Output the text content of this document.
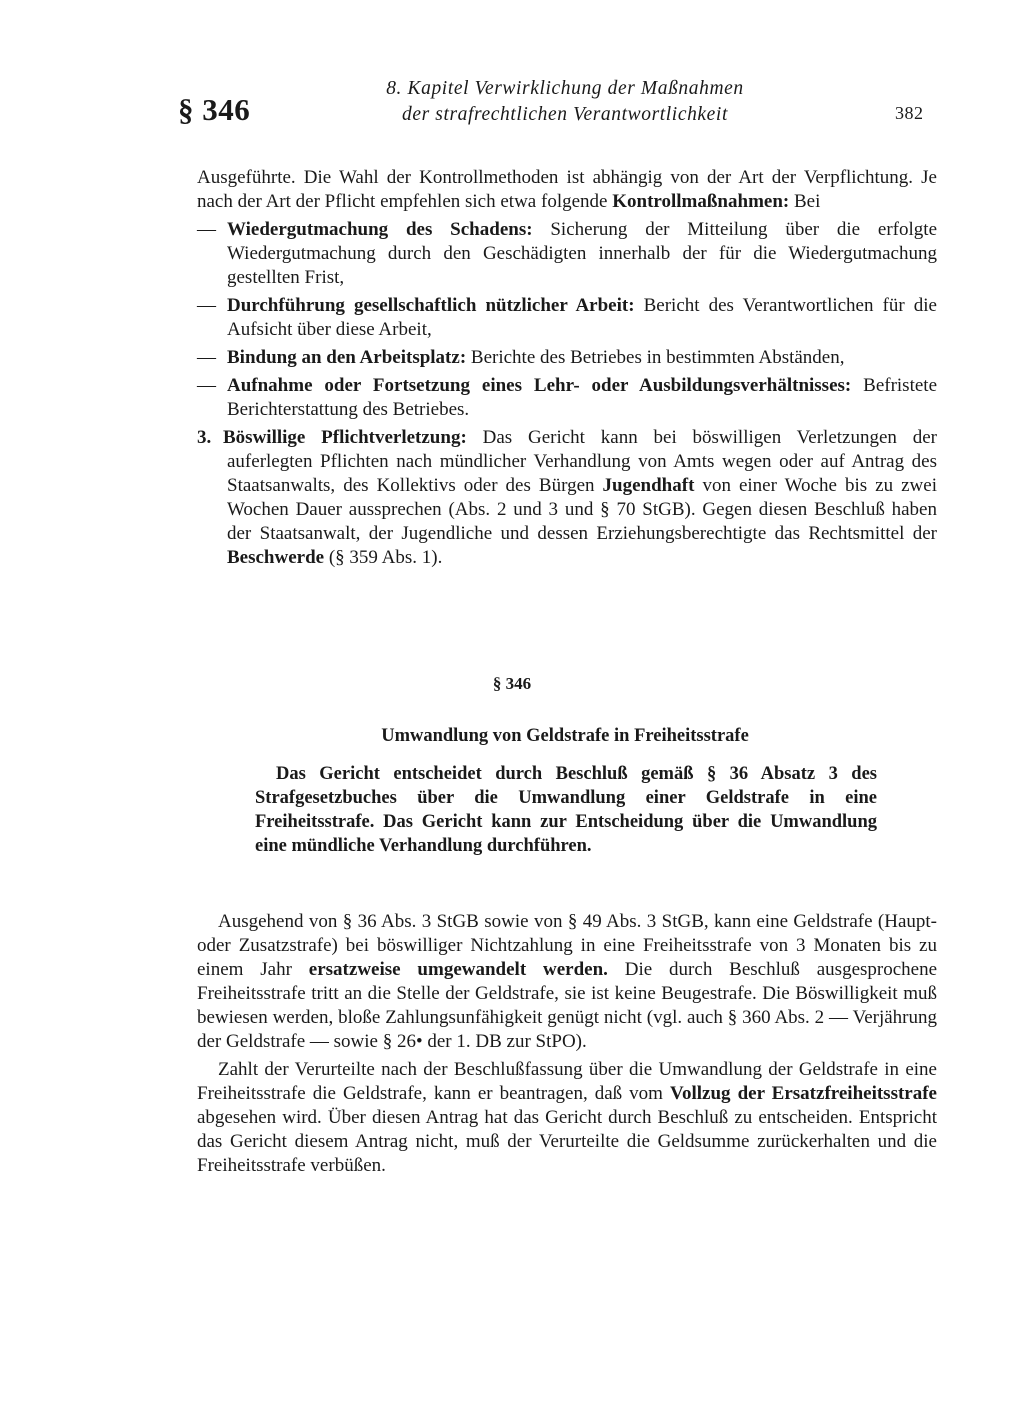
§ 346
8. Kapitel Verwirklichung der Maßnahmen
der strafrechtlichen Verantwortlichkeit	382

Ausgeführte. Die Wahl der Kontrollmethoden ist abhängig von der Art der Verpflichtung. Je nach der Art der Pflicht empfehlen sich etwa folgende Kontrollmaßnahmen: Bei

— Wiedergutmachung des Schadens: Sicherung der Mitteilung über die erfolgte Wiedergutmachung durch den Geschädigten innerhalb der für die Wiedergutmachung gestellten Frist,
— Durchführung gesellschaftlich nützlicher Arbeit: Bericht des Verantwortlichen für die Aufsicht über diese Arbeit,
— Bindung an den Arbeitsplatz: Berichte des Betriebes in bestimmten Abständen,
— Aufnahme oder Fortsetzung eines Lehr- oder Ausbildungsverhältnisses: Befristete Berichterstattung des Betriebes.

3. Böswillige Pflichtverletzung: Das Gericht kann bei böswilligen Verletzungen der auferlegten Pflichten nach mündlicher Verhandlung von Amts wegen oder auf Antrag des Staatsanwalts, des Kollektivs oder des Bürgen Jugendhaft von einer Woche bis zu zwei Wochen Dauer aussprechen (Abs. 2 und 3 und § 70 StGB). Gegen diesen Beschluß haben der Staatsanwalt, der Jugendliche und dessen Erziehungsberechtigte das Rechtsmittel der Beschwerde (§ 359 Abs. 1).

§ 346
Umwandlung von Geldstrafe in Freiheitsstrafe
Das Gericht entscheidet durch Beschluß gemäß § 36 Absatz 3 des Strafgesetzbuches über die Umwandlung einer Geldstrafe in eine Freiheitsstrafe. Das Gericht kann zur Entscheidung über die Umwandlung eine mündliche Verhandlung durchführen.

Ausgehend von § 36 Abs. 3 StGB sowie von § 49 Abs. 3 StGB, kann eine Geldstrafe (Haupt- oder Zusatzstrafe) bei böswilliger Nichtzahlung in eine Freiheitsstrafe von 3 Monaten bis zu einem Jahr ersatzweise umgewandelt werden. Die durch Beschluß ausgesprochene Freiheitsstrafe tritt an die Stelle der Geldstrafe, sie ist keine Beugestrafe. Die Böswilligkeit muß bewiesen werden, bloße Zahlungsunfähigkeit genügt nicht (vgl. auch § 360 Abs. 2 — Verjährung der Geldstrafe — sowie § 26• der 1. DB zur StPO).

Zahlt der Verurteilte nach der Beschlußfassung über die Umwandlung der Geldstrafe in eine Freiheitsstrafe die Geldstrafe, kann er beantragen, daß vom Vollzug der Ersatzfreiheitsstrafe abgesehen wird. Über diesen Antrag hat das Gericht durch Beschluß zu entscheiden. Entspricht das Gericht diesem Antrag nicht, muß der Verurteilte die Geldsumme zurückerhalten und die Freiheitsstrafe verbüßen.
